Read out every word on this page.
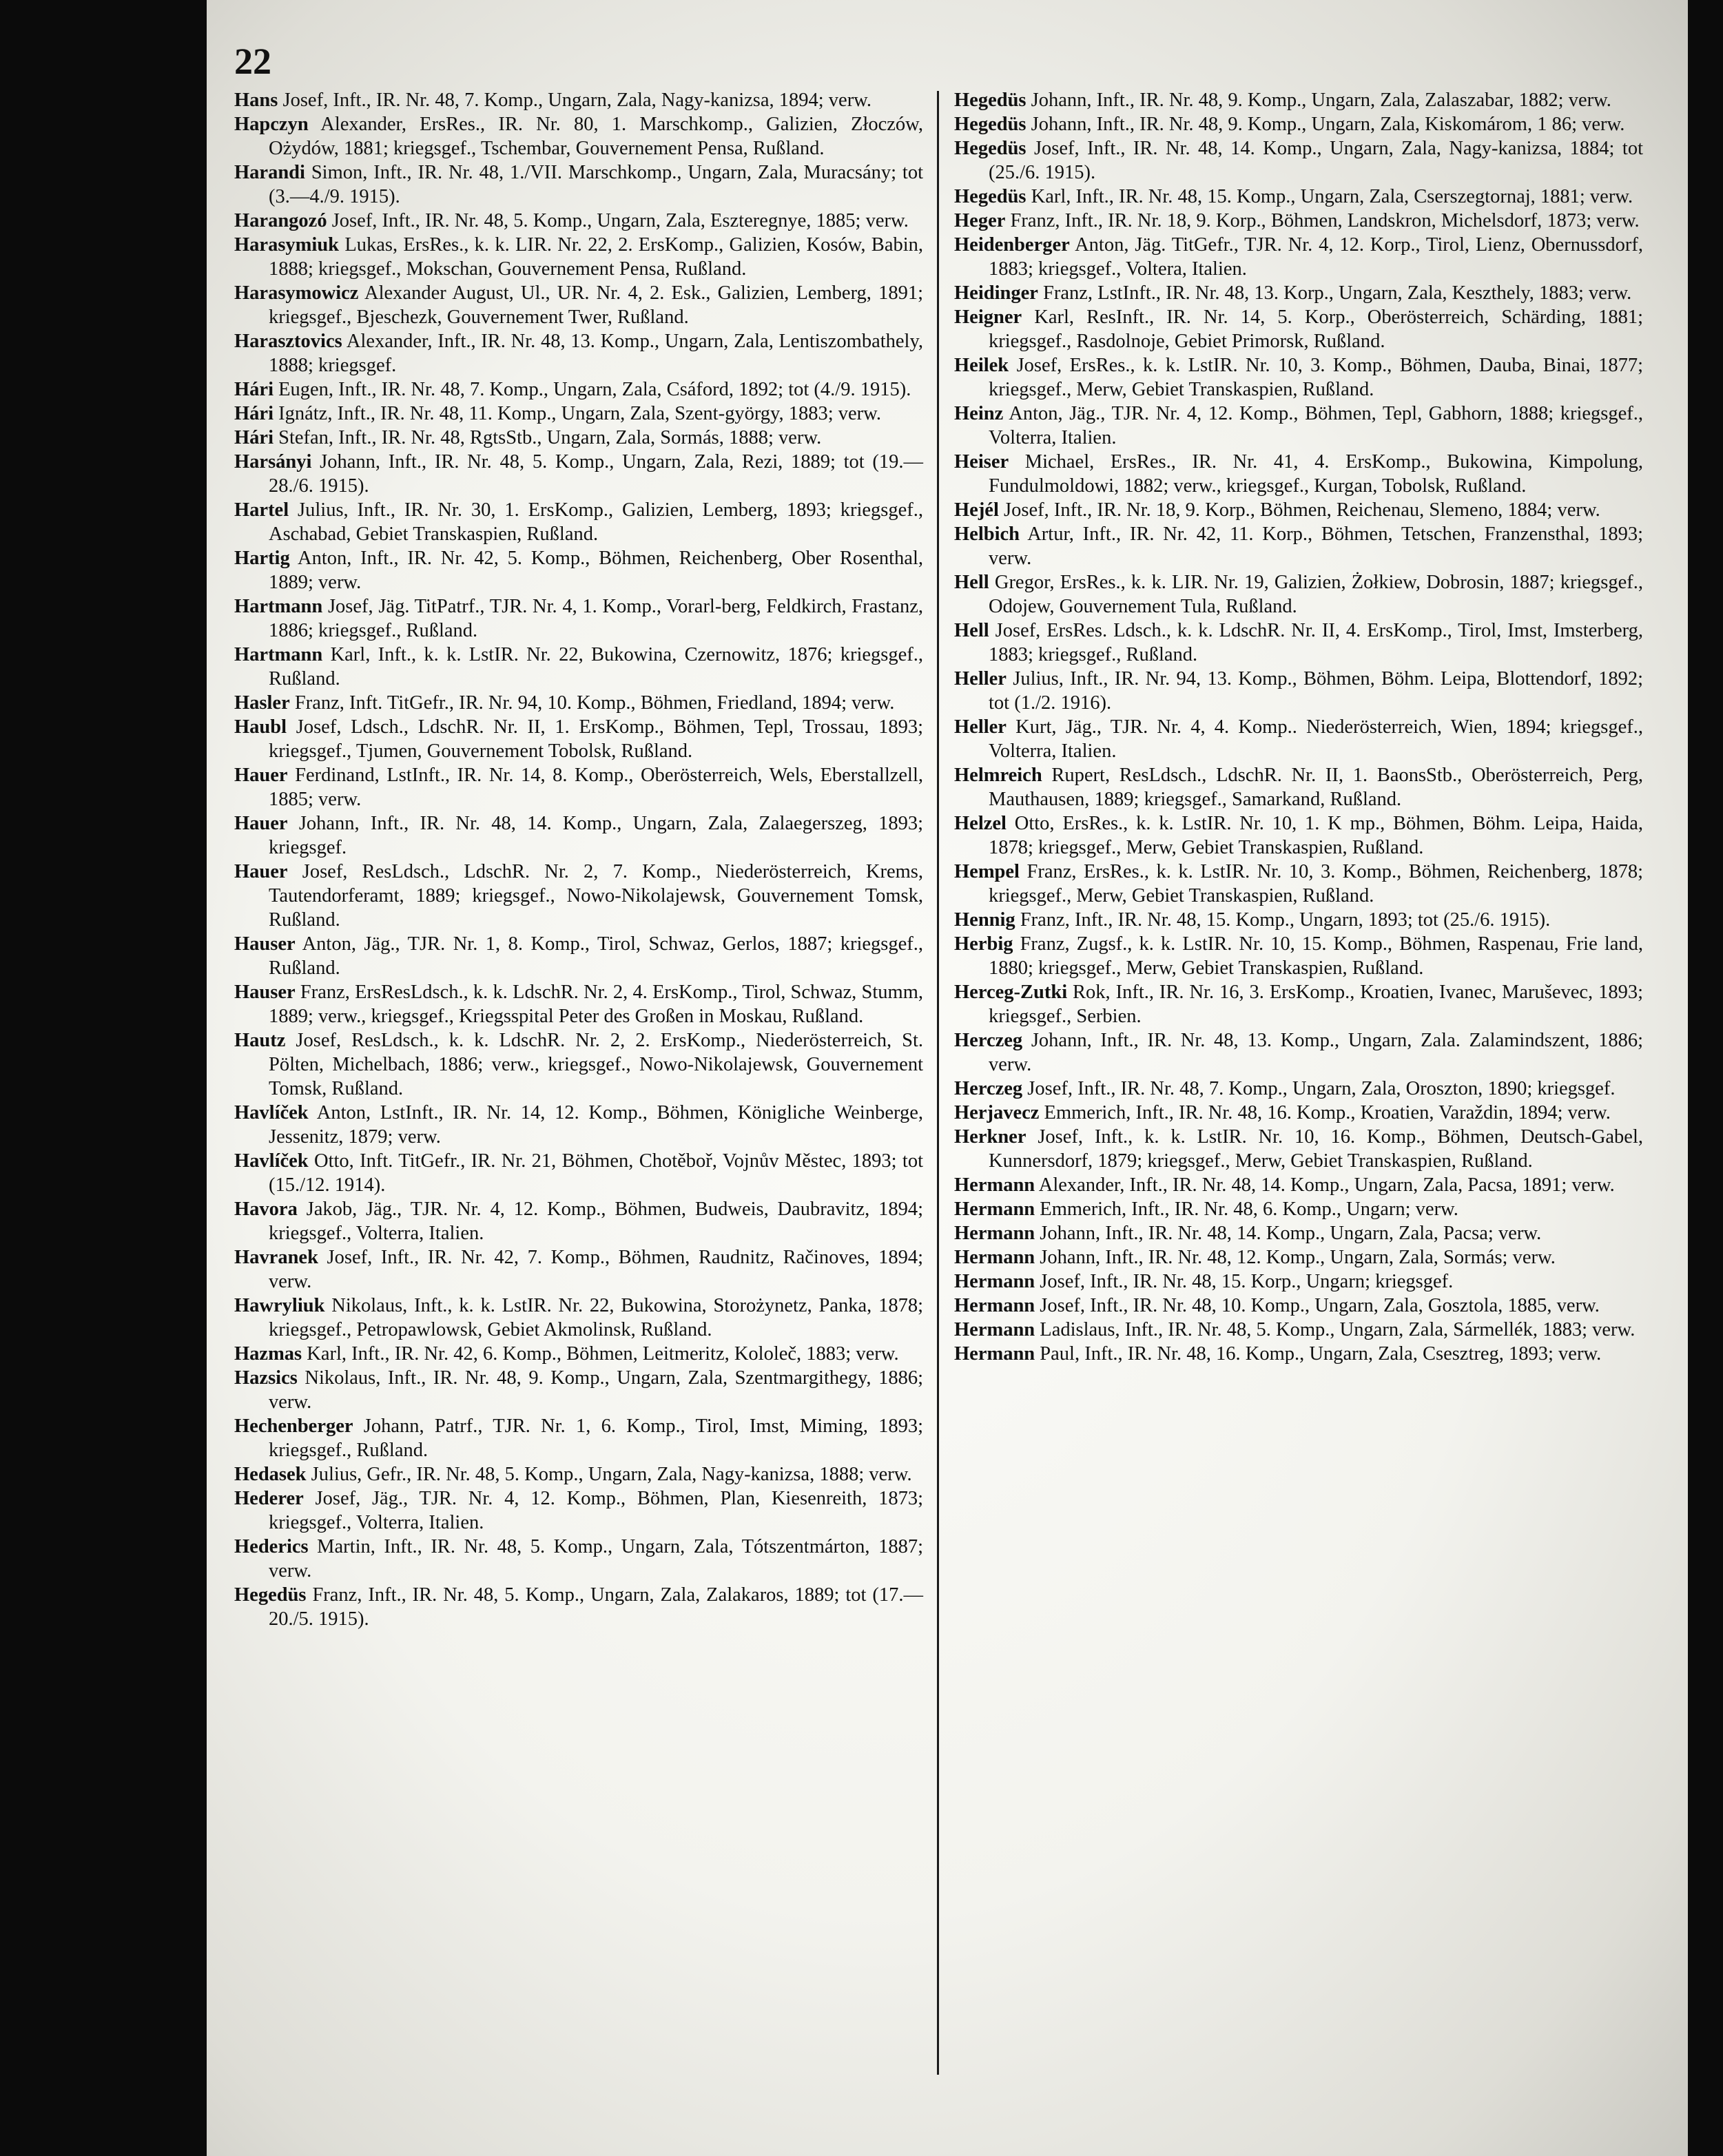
22

Hans Josef, Inft., IR. Nr. 48, 7. Komp., Ungarn, Zala, Nagy-kanizsa, 1894; verw.

Hapczyn Alexander, ErsRes., IR. Nr. 80, 1. Marschkomp., Galizien, Złoczów, Ożydów, 1881; kriegsgef., Tschembar, Gouvernement Pensa, Rußland.

Harandi Simon, Inft., IR. Nr. 48, 1./VII. Marschkomp., Ungarn, Zala, Muracsány; tot (3.—4./9. 1915).

Harangozó Josef, Inft., IR. Nr. 48, 5. Komp., Ungarn, Zala, Eszteregnye, 1885; verw.

Harasymiuk Lukas, ErsRes., k. k. LIR. Nr. 22, 2. ErsKomp., Galizien, Kosów, Babin, 1888; kriegsgef., Mokschan, Gouvernement Pensa, Rußland.

Harasymowicz Alexander August, Ul., UR. Nr. 4, 2. Esk., Galizien, Lemberg, 1891; kriegsgef., Bjeschezk, Gouvernement Twer, Rußland.

Harasztovics Alexander, Inft., IR. Nr. 48, 13. Komp., Ungarn, Zala, Lentiszombathely, 1888; kriegsgef.

Hári Eugen, Inft., IR. Nr. 48, 7. Komp., Ungarn, Zala, Csáford, 1892; tot (4./9. 1915).

Hári Ignátz, Inft., IR. Nr. 48, 11. Komp., Ungarn, Zala, Szent-györgy, 1883; verw.

Hári Stefan, Inft., IR. Nr. 48, RgtsStb., Ungarn, Zala, Sormás, 1888; verw.

Harsányi Johann, Inft., IR. Nr. 48, 5. Komp., Ungarn, Zala, Rezi, 1889; tot (19.—28./6. 1915).

Hartel Julius, Inft., IR. Nr. 30, 1. ErsKomp., Galizien, Lemberg, 1893; kriegsgef., Aschabad, Gebiet Transkaspien, Rußland.

Hartig Anton, Inft., IR. Nr. 42, 5. Komp., Böhmen, Reichenberg, Ober Rosenthal, 1889; verw.

Hartmann Josef, Jäg. TitPatrf., TJR. Nr. 4, 1. Komp., Vorarl-berg, Feldkirch, Frastanz, 1886; kriegsgef., Rußland.

Hartmann Karl, Inft., k. k. LstIR. Nr. 22, Bukowina, Czernowitz, 1876; kriegsgef., Rußland.

Hasler Franz, Inft. TitGefr., IR. Nr. 94, 10. Komp., Böhmen, Friedland, 1894; verw.

Haubl Josef, Ldsch., LdschR. Nr. II, 1. ErsKomp., Böhmen, Tepl, Trossau, 1893; kriegsgef., Tjumen, Gouvernement Tobolsk, Rußland.

Hauer Ferdinand, LstInft., IR. Nr. 14, 8. Komp., Oberösterreich, Wels, Eberstallzell, 1885; verw.

Hauer Johann, Inft., IR. Nr. 48, 14. Komp., Ungarn, Zala, Zalaegerszeg, 1893; kriegsgef.

Hauer Josef, ResLdsch., LdschR. Nr. 2, 7. Komp., Niederösterreich, Krems, Tautendorferamt, 1889; kriegsgef., Nowo-Nikolajewsk, Gouvernement Tomsk, Rußland.

Hauser Anton, Jäg., TJR. Nr. 1, 8. Komp., Tirol, Schwaz, Gerlos, 1887; kriegsgef., Rußland.

Hauser Franz, ErsResLdsch., k. k. LdschR. Nr. 2, 4. ErsKomp., Tirol, Schwaz, Stumm, 1889; verw., kriegsgef., Kriegsspital Peter des Großen in Moskau, Rußland.

Hautz Josef, ResLdsch., k. k. LdschR. Nr. 2, 2. ErsKomp., Niederösterreich, St. Pölten, Michelbach, 1886; verw., kriegsgef., Nowo-Nikolajewsk, Gouvernement Tomsk, Rußland.

Havlíček Anton, LstInft., IR. Nr. 14, 12. Komp., Böhmen, Königliche Weinberge, Jessenitz, 1879; verw.

Havlíček Otto, Inft. TitGefr., IR. Nr. 21, Böhmen, Chotěboř, Vojnův Městec, 1893; tot (15./12. 1914).

Havora Jakob, Jäg., TJR. Nr. 4, 12. Komp., Böhmen, Budweis, Daubravitz, 1894; kriegsgef., Volterra, Italien.

Havranek Josef, Inft., IR. Nr. 42, 7. Komp., Böhmen, Raudnitz, Račinoves, 1894; verw.

Hawryliuk Nikolaus, Inft., k. k. LstIR. Nr. 22, Bukowina, Storożynetz, Panka, 1878; kriegsgef., Petropawlowsk, Gebiet Akmolinsk, Rußland.

Hazmas Karl, Inft., IR. Nr. 42, 6. Komp., Böhmen, Leitmeritz, Kololeč, 1883; verw.

Hazsics Nikolaus, Inft., IR. Nr. 48, 9. Komp., Ungarn, Zala, Szentmargithegy, 1886; verw.

Hechenberger Johann, Patrf., TJR. Nr. 1, 6. Komp., Tirol, Imst, Miming, 1893; kriegsgef., Rußland.

Hedasek Julius, Gefr., IR. Nr. 48, 5. Komp., Ungarn, Zala, Nagy-kanizsa, 1888; verw.

Hederer Josef, Jäg., TJR. Nr. 4, 12. Komp., Böhmen, Plan, Kiesenreith, 1873; kriegsgef., Volterra, Italien.

Hederics Martin, Inft., IR. Nr. 48, 5. Komp., Ungarn, Zala, Tótszentmárton, 1887; verw.

Hegedüs Franz, Inft., IR. Nr. 48, 5. Komp., Ungarn, Zala, Zalakaros, 1889; tot (17.—20./5. 1915).

Hegedüs Johann, Inft., IR. Nr. 48, 9. Komp., Ungarn, Zala, Zalaszabar, 1882; verw.

Hegedüs Johann, Inft., IR. Nr. 48, 9. Komp., Ungarn, Zala, Kiskomárom, 1 86; verw.

Hegedüs Josef, Inft., IR. Nr. 48, 14. Komp., Ungarn, Zala, Nagy-kanizsa, 1884; tot (25./6. 1915).

Hegedüs Karl, Inft., IR. Nr. 48, 15. Komp., Ungarn, Zala, Cserszegtornaj, 1881; verw.

Heger Franz, Inft., IR. Nr. 18, 9. Korp., Böhmen, Landskron, Michelsdorf, 1873; verw.

Heidenberger Anton, Jäg. TitGefr., TJR. Nr. 4, 12. Korp., Tirol, Lienz, Obernussdorf, 1883; kriegsgef., Voltera, Italien.

Heidinger Franz, LstInft., IR. Nr. 48, 13. Korp., Ungarn, Zala, Keszthely, 1883; verw.

Heigner Karl, ResInft., IR. Nr. 14, 5. Korp., Oberösterreich, Schärding, 1881; kriegsgef., Rasdolnoje, Gebiet Primorsk, Rußland.

Heilek Josef, ErsRes., k. k. LstIR. Nr. 10, 3. Komp., Böhmen, Dauba, Binai, 1877; kriegsgef., Merw, Gebiet Transkaspien, Rußland.

Heinz Anton, Jäg., TJR. Nr. 4, 12. Komp., Böhmen, Tepl, Gabhorn, 1888; kriegsgef., Volterra, Italien.

Heiser Michael, ErsRes., IR. Nr. 41, 4. ErsKomp., Bukowina, Kimpolung, Fundulmoldowi, 1882; verw., kriegsgef., Kurgan, Tobolsk, Rußland.

Hejél Josef, Inft., IR. Nr. 18, 9. Korp., Böhmen, Reichenau, Slemeno, 1884; verw.

Helbich Artur, Inft., IR. Nr. 42, 11. Korp., Böhmen, Tetschen, Franzensthal, 1893; verw.

Hell Gregor, ErsRes., k. k. LIR. Nr. 19, Galizien, Żołkiew, Dobrosin, 1887; kriegsgef., Odojew, Gouvernement Tula, Rußland.

Hell Josef, ErsRes. Ldsch., k. k. LdschR. Nr. II, 4. ErsKomp., Tirol, Imst, Imsterberg, 1883; kriegsgef., Rußland.

Heller Julius, Inft., IR. Nr. 94, 13. Komp., Böhmen, Böhm. Leipa, Blottendorf, 1892; tot (1./2. 1916).

Heller Kurt, Jäg., TJR. Nr. 4, 4. Komp.. Niederösterreich, Wien, 1894; kriegsgef., Volterra, Italien.

Helmreich Rupert, ResLdsch., LdschR. Nr. II, 1. BaonsStb., Oberösterreich, Perg, Mauthausen, 1889; kriegsgef., Samarkand, Rußland.

Helzel Otto, ErsRes., k. k. LstIR. Nr. 10, 1. K mp., Böhmen, Böhm. Leipa, Haida, 1878; kriegsgef., Merw, Gebiet Transkaspien, Rußland.

Hempel Franz, ErsRes., k. k. LstIR. Nr. 10, 3. Komp., Böhmen, Reichenberg, 1878; kriegsgef., Merw, Gebiet Transkaspien, Rußland.

Hennig Franz, Inft., IR. Nr. 48, 15. Komp., Ungarn, 1893; tot (25./6. 1915).

Herbig Franz, Zugsf., k. k. LstIR. Nr. 10, 15. Komp., Böhmen, Raspenau, Frie land, 1880; kriegsgef., Merw, Gebiet Transkaspien, Rußland.

Herceg-Zutki Rok, Inft., IR. Nr. 16, 3. ErsKomp., Kroatien, Ivanec, Maruševec, 1893; kriegsgef., Serbien.

Herczeg Johann, Inft., IR. Nr. 48, 13. Komp., Ungarn, Zala. Zalamindszent, 1886; verw.

Herczeg Josef, Inft., IR. Nr. 48, 7. Komp., Ungarn, Zala, Oroszton, 1890; kriegsgef.

Herjavecz Emmerich, Inft., IR. Nr. 48, 16. Komp., Kroatien, Varaždin, 1894; verw.

Herkner Josef, Inft., k. k. LstIR. Nr. 10, 16. Komp., Böhmen, Deutsch-Gabel, Kunnersdorf, 1879; kriegsgef., Merw, Gebiet Transkaspien, Rußland.

Hermann Alexander, Inft., IR. Nr. 48, 14. Komp., Ungarn, Zala, Pacsa, 1891; verw.

Hermann Emmerich, Inft., IR. Nr. 48, 6. Komp., Ungarn; verw.

Hermann Johann, Inft., IR. Nr. 48, 14. Komp., Ungarn, Zala, Pacsa; verw.

Hermann Johann, Inft., IR. Nr. 48, 12. Komp., Ungarn, Zala, Sormás; verw.

Hermann Josef, Inft., IR. Nr. 48, 15. Korp., Ungarn; kriegsgef.

Hermann Josef, Inft., IR. Nr. 48, 10. Komp., Ungarn, Zala, Gosztola, 1885, verw.

Hermann Ladislaus, Inft., IR. Nr. 48, 5. Komp., Ungarn, Zala, Sármellék, 1883; verw.

Hermann Paul, Inft., IR. Nr. 48, 16. Komp., Ungarn, Zala, Csesztreg, 1893; verw.
